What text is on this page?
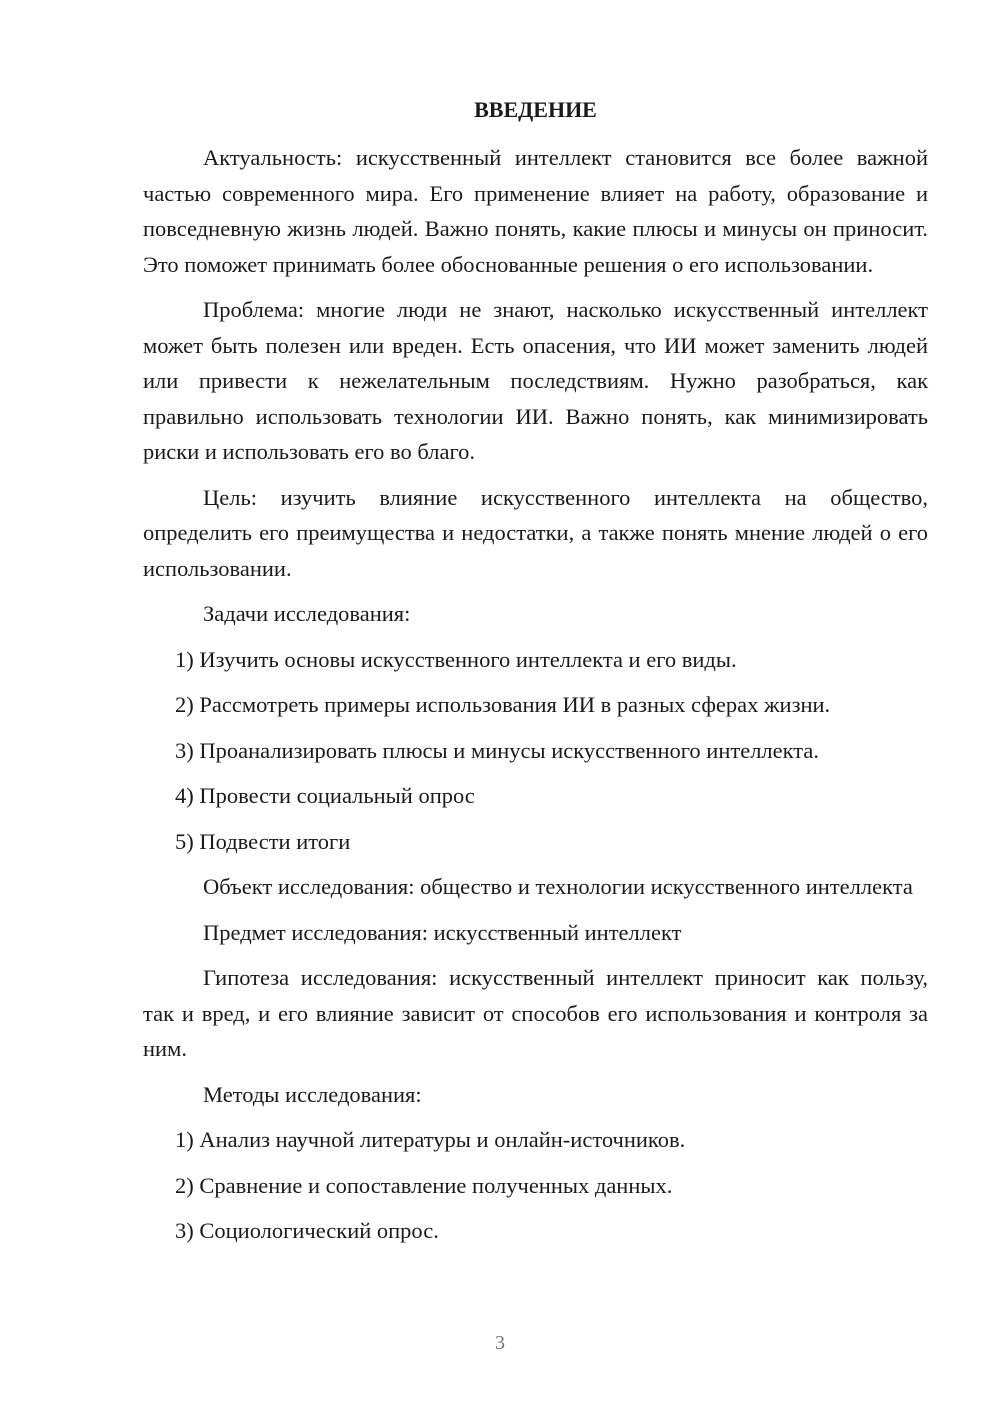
ВВЕДЕНИЕ

Актуальность: искусственный интеллект становится все более важной частью современного мира. Его применение влияет на работу, образование и повседневную жизнь людей. Важно понять, какие плюсы и минусы он приносит. Это поможет принимать более обоснованные решения о его использовании.

Проблема: многие люди не знают, насколько искусственный интеллект может быть полезен или вреден. Есть опасения, что ИИ может заменить людей или привести к нежелательным последствиям. Нужно разобраться, как правильно использовать технологии ИИ. Важно понять, как минимизировать риски и использовать его во благо.

Цель: изучить влияние искусственного интеллекта на общество, определить его преимущества и недостатки, а также понять мнение людей о его использовании.

Задачи исследования:

1) Изучить основы искусственного интеллекта и его виды.
2) Рассмотреть примеры использования ИИ в разных сферах жизни.
3) Проанализировать плюсы и минусы искусственного интеллекта.
4) Провести социальный опрос
5) Подвести итоги

Объект исследования: общество и технологии искусственного интеллекта

Предмет исследования: искусственный интеллект

Гипотеза исследования: искусственный интеллект приносит как пользу, так и вред, и его влияние зависит от способов его использования и контроля за ним.

Методы исследования:

1) Анализ научной литературы и онлайн-источников.
2) Сравнение и сопоставление полученных данных.
3) Социологический опрос.
3
